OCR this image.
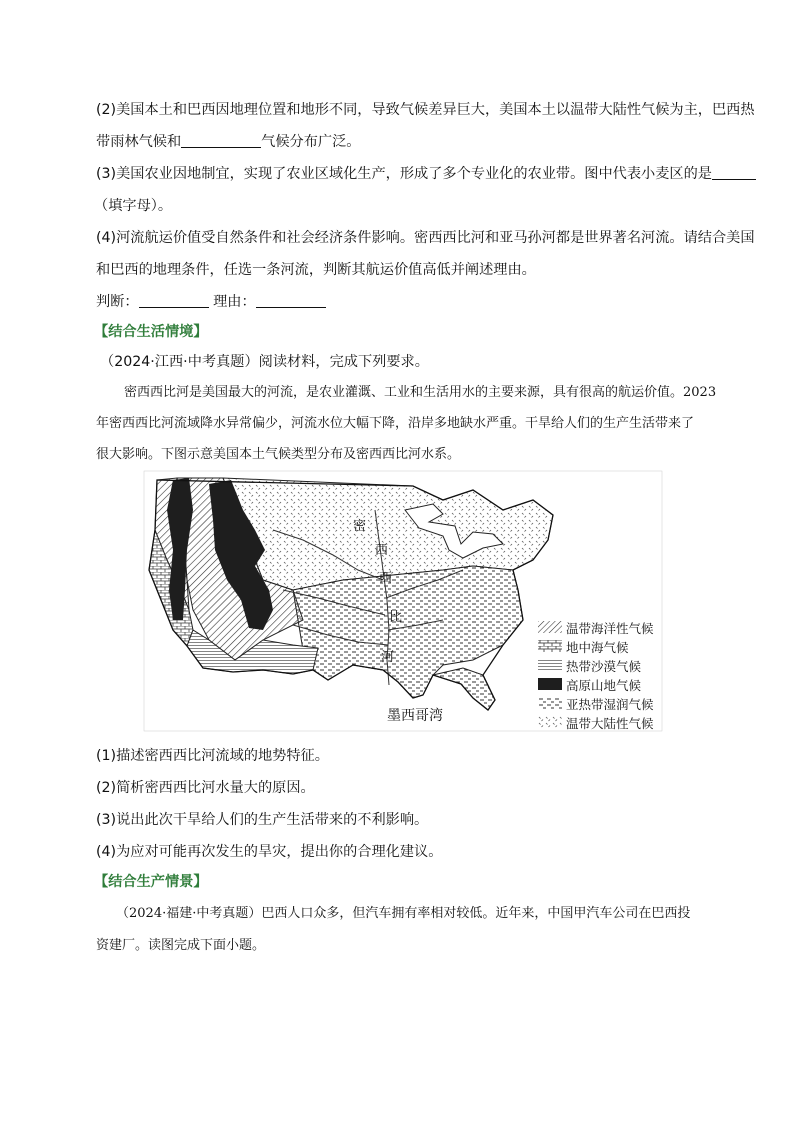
(2)美国本土和巴西因地理位置和地形不同，导致气候差异巨大，美国本土以温带大陆性气候为主，巴西热
带雨林气候和	气候分布广泛。
(3)美国农业因地制宜，实现了农业区域化生产，形成了多个专业化的农业带。图中代表小麦区的是
（填字母）。
(4)河流航运价值受自然条件和社会经济条件影响。密西西比河和亚马孙河都是世界著名河流。请结合美国
和巴西的地理条件，任选一条河流，判断其航运价值高低并阐述理由。
判断：	理由：
【结合生活情境】
（2024·江西·中考真题）阅读材料，完成下列要求。
密西西比河是美国最大的河流，是农业灌溉、工业和生活用水的主要来源，具有很高的航运价值。2023
年密西西比河流域降水异常偏少，河流水位大幅下降，沿岸多地缺水严重。干旱给人们的生产生活带来了
很大影响。下图示意美国本土气候类型分布及密西西比河水系。
密
西
西
比
河
墨西哥湾
温带海洋性气候
地中海气候
热带沙漠气候
高原山地气候
亚热带湿润气候
温带大陆性气候
(1)描述密西西比河流域的地势特征。
(2)简析密西西比河水量大的原因。
(3)说出此次干旱给人们的生产生活带来的不利影响。
(4)为应对可能再次发生的旱灾，提出你的合理化建议。
【结合生产情景】
（2024·福建·中考真题）巴西人口众多，但汽车拥有率相对较低。近年来，中国甲汽车公司在巴西投
资建厂。读图完成下面小题。
